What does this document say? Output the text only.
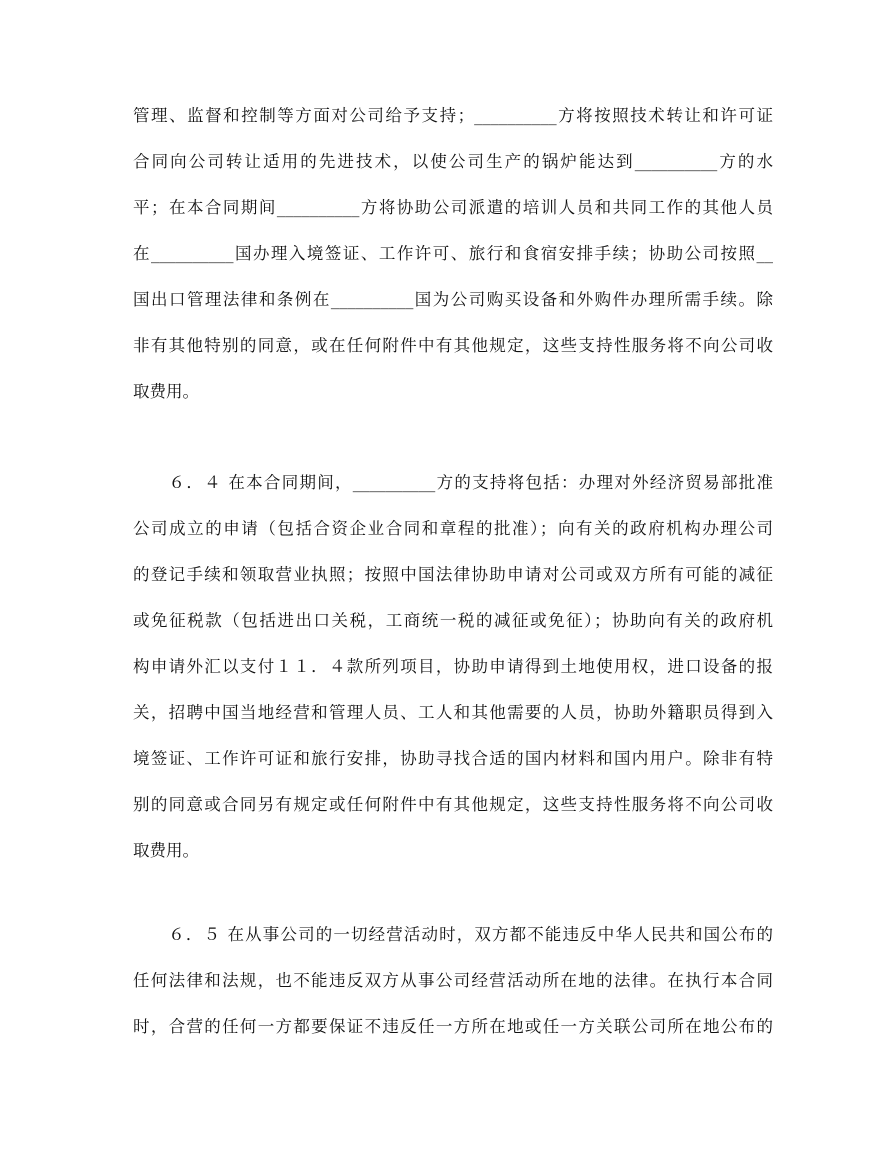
管理、监督和控制等方面对公司给予支持；__________方将按照技术转让和许可证
合同向公司转让适用的先进技术，以使公司生产的锅炉能达到__________方的水
平；在本合同期间__________方将协助公司派遣的培训人员和共同工作的其他人员
在__________国办理入境签证、工作许可、旅行和食宿安排手续；协助公司按照__
国出口管理法律和条例在__________国为公司购买设备和外购件办理所需手续。除
非有其他特别的同意，或在任何附件中有其他规定，这些支持性服务将不向公司收
取费用。
　　６．４ 在本合同期间，__________方的支持将包括：办理对外经济贸易部批准
公司成立的申请（包括合资企业合同和章程的批准）；向有关的政府机构办理公司
的登记手续和领取营业执照；按照中国法律协助申请对公司或双方所有可能的减征
或免征税款（包括进出口关税，工商统一税的减征或免征）；协助向有关的政府机
构申请外汇以支付１１．４款所列项目，协助申请得到土地使用权，进口设备的报
关，招聘中国当地经营和管理人员、工人和其他需要的人员，协助外籍职员得到入
境签证、工作许可证和旅行安排，协助寻找合适的国内材料和国内用户。除非有特
别的同意或合同另有规定或任何附件中有其他规定，这些支持性服务将不向公司收
取费用。
　　６．５ 在从事公司的一切经营活动时，双方都不能违反中华人民共和国公布的
任何法律和法规，也不能违反双方从事公司经营活动所在地的法律。在执行本合同
时，合营的任何一方都要保证不违反任一方所在地或任一方关联公司所在地公布的
